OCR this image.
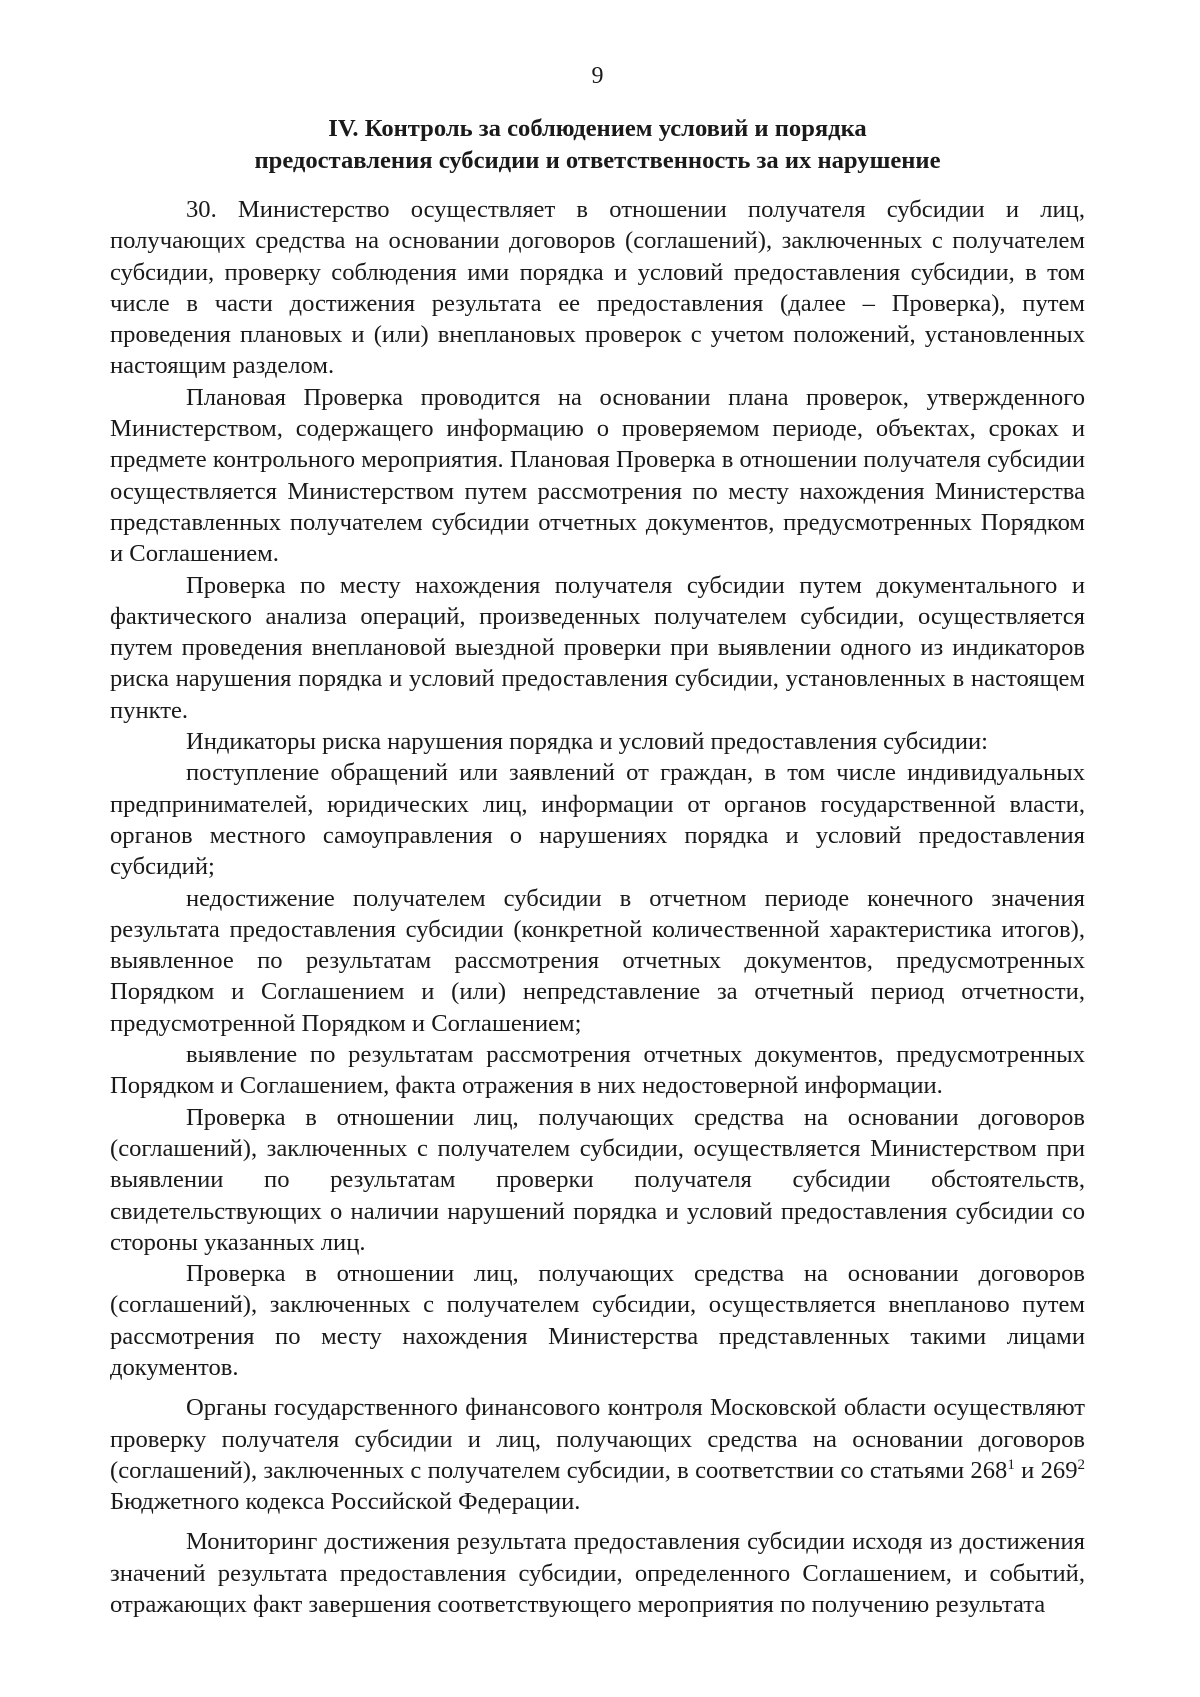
9
IV. Контроль за соблюдением условий и порядка
предоставления субсидии и ответственность за их нарушение

30. Министерство осуществляет в отношении получателя субсидии и лиц, получающих средства на основании договоров (соглашений), заключенных с получателем субсидии, проверку соблюдения ими порядка и условий предоставления субсидии, в том числе в части достижения результата ее предоставления (далее – Проверка), путем проведения плановых и (или) внеплановых проверок с учетом положений, установленных настоящим разделом.

Плановая Проверка проводится на основании плана проверок, утвержденного Министерством, содержащего информацию о проверяемом периоде, объектах, сроках и предмете контрольного мероприятия. Плановая Проверка в отношении получателя субсидии осуществляется Министерством путем рассмотрения по месту нахождения Министерства представленных получателем субсидии отчетных документов, предусмотренных Порядком и Соглашением.

Проверка по месту нахождения получателя субсидии путем документального и фактического анализа операций, произведенных получателем субсидии, осуществляется путем проведения внеплановой выездной проверки при выявлении одного из индикаторов риска нарушения порядка и условий предоставления субсидии, установленных в настоящем пункте.

Индикаторы риска нарушения порядка и условий предоставления субсидии:

поступление обращений или заявлений от граждан, в том числе индивидуальных предпринимателей, юридических лиц, информации от органов государственной власти, органов местного самоуправления о нарушениях порядка и условий предоставления субсидий;

недостижение получателем субсидии в отчетном периоде конечного значения результата предоставления субсидии (конкретной количественной характеристика итогов), выявленное по результатам рассмотрения отчетных документов, предусмотренных Порядком и Соглашением и (или) непредставление за отчетный период отчетности, предусмотренной Порядком и Соглашением;

выявление по результатам рассмотрения отчетных документов, предусмотренных Порядком и Соглашением, факта отражения в них недостоверной информации.

Проверка в отношении лиц, получающих средства на основании договоров (соглашений), заключенных с получателем субсидии, осуществляется Министерством при выявлении по результатам проверки получателя субсидии обстоятельств, свидетельствующих о наличии нарушений порядка и условий предоставления субсидии со стороны указанных лиц.

Проверка в отношении лиц, получающих средства на основании договоров (соглашений), заключенных с получателем субсидии, осуществляется внепланово путем рассмотрения по месту нахождения Министерства представленных такими лицами документов.

Органы государственного финансового контроля Московской области осуществляют проверку получателя субсидии и лиц, получающих средства на основании договоров (соглашений), заключенных с получателем субсидии, в соответствии со статьями $268^1$ и $269^2$ Бюджетного кодекса Российской Федерации.

Мониторинг достижения результата предоставления субсидии исходя из достижения значений результата предоставления субсидии, определенного Соглашением, и событий, отражающих факт завершения соответствующего мероприятия по получению результата
